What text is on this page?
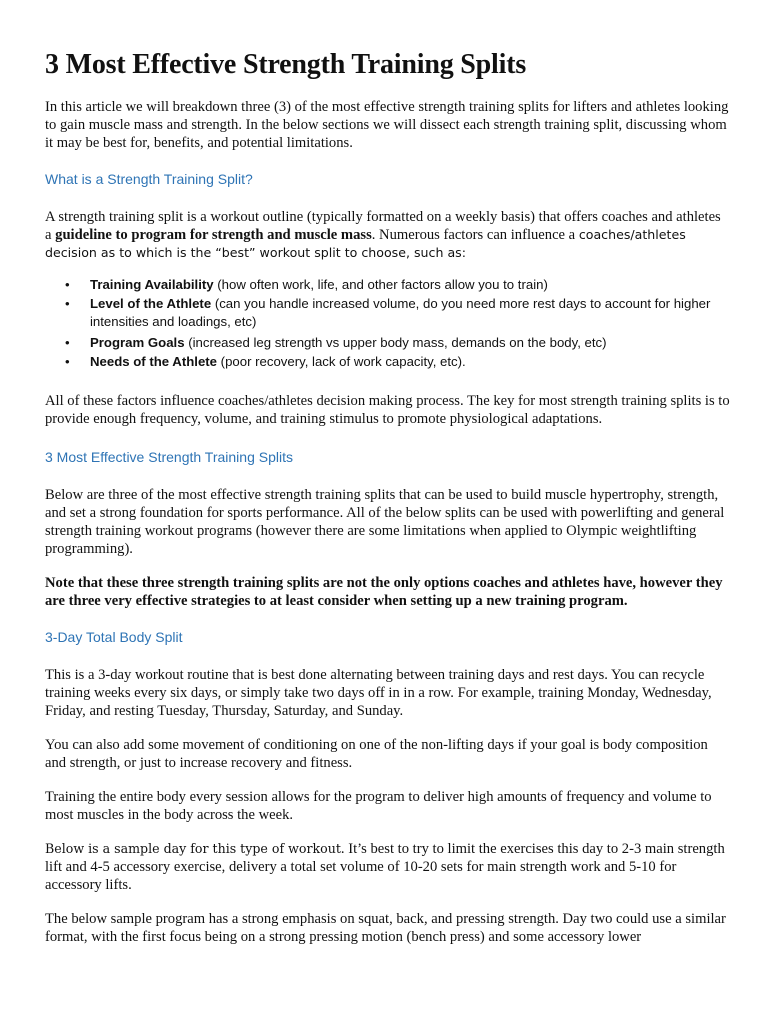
3 Most Effective Strength Training Splits

In this article we will breakdown three (3) of the most effective strength training splits for lifters and athletes looking to gain muscle mass and strength. In the below sections we will dissect each strength training split, discussing whom it may be best for, benefits, and potential limitations.

What is a Strength Training Split?

A strength training split is a workout outline (typically formatted on a weekly basis) that offers coaches and athletes a guideline to program for strength and muscle mass. Numerous factors can influence a coaches/athletes decision as to which is the “best” workout split to choose, such as:

• Training Availability (how often work, life, and other factors allow you to train)
• Level of the Athlete (can you handle increased volume, do you need more rest days to account for higher intensities and loadings, etc)
• Program Goals (increased leg strength vs upper body mass, demands on the body, etc)
• Needs of the Athlete (poor recovery, lack of work capacity, etc).

All of these factors influence coaches/athletes decision making process. The key for most strength training splits is to provide enough frequency, volume, and training stimulus to promote physiological adaptations.

3 Most Effective Strength Training Splits

Below are three of the most effective strength training splits that can be used to build muscle hypertrophy, strength, and set a strong foundation for sports performance. All of the below splits can be used with powerlifting and general strength training workout programs (however there are some limitations when applied to Olympic weightlifting programming).

Note that these three strength training splits are not the only options coaches and athletes have, however they are three very effective strategies to at least consider when setting up a new training program.

3-Day Total Body Split

This is a 3-day workout routine that is best done alternating between training days and rest days. You can recycle training weeks every six days, or simply take two days off in in a row. For example, training Monday, Wednesday, Friday, and resting Tuesday, Thursday, Saturday, and Sunday.

You can also add some movement of conditioning on one of the non-lifting days if your goal is body composition and strength, or just to increase recovery and fitness.

Training the entire body every session allows for the program to deliver high amounts of frequency and volume to most muscles in the body across the week.

Below is a sample day for this type of workout. It’s best to try to limit the exercises this day to 2-3 main strength lift and 4-5 accessory exercise, delivery a total set volume of 10-20 sets for main strength work and 5-10 for accessory lifts.

The below sample program has a strong emphasis on squat, back, and pressing strength. Day two could use a similar format, with the first focus being on a strong pressing motion (bench press) and some accessory lower
